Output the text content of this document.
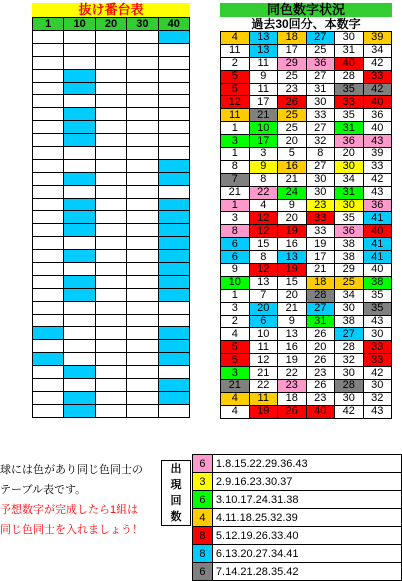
抜け番台表	同色数字状況
過去30回分、本数字
1	10	20	30	40

4	13	18	27	30	39
11	13	17	25	31	34
2	11	29	36	40	42
5	9	25	27	28	33
5	11	23	31	35	42
12	17	26	30	33	40
11	21	25	33	35	36
1	10	25	27	31	40
3	17	20	32	36	43
1	3	5	8	20	39
8	9	16	27	30	33
7	8	21	30	34	42
21	22	24	30	31	43
1	4	9	23	30	36
3	12	20	33	35	41
8	12	19	33	36	40
6	15	16	19	38	41
6	8	13	17	38	41
9	12	19	21	29	40
10	13	15	18	25	38
1	7	20	28	34	35
3	20	21	27	30	35
2	6	9	31	38	43
4	10	13	26	27	30
5	11	16	20	28	33
5	12	19	26	32	33
3	21	22	23	30	42
21	22	23	26	28	30
4	11	18	23	30	32
4	19	26	40	42	43
球には色があり同じ色同士の
テーブル表です。
予想数字が完成したら1組は
同じ色同士を入れましょう！
出
現
回
数
6	1.8.15.22.29.36.43
3	2.9.16.23.30.37
6	3.10.17.24.31.38
4	4.11.18.25.32.39
8	5.12.19.26.33.40
8	6.13.20.27.34.41
6	7.14.21.28.35.42
